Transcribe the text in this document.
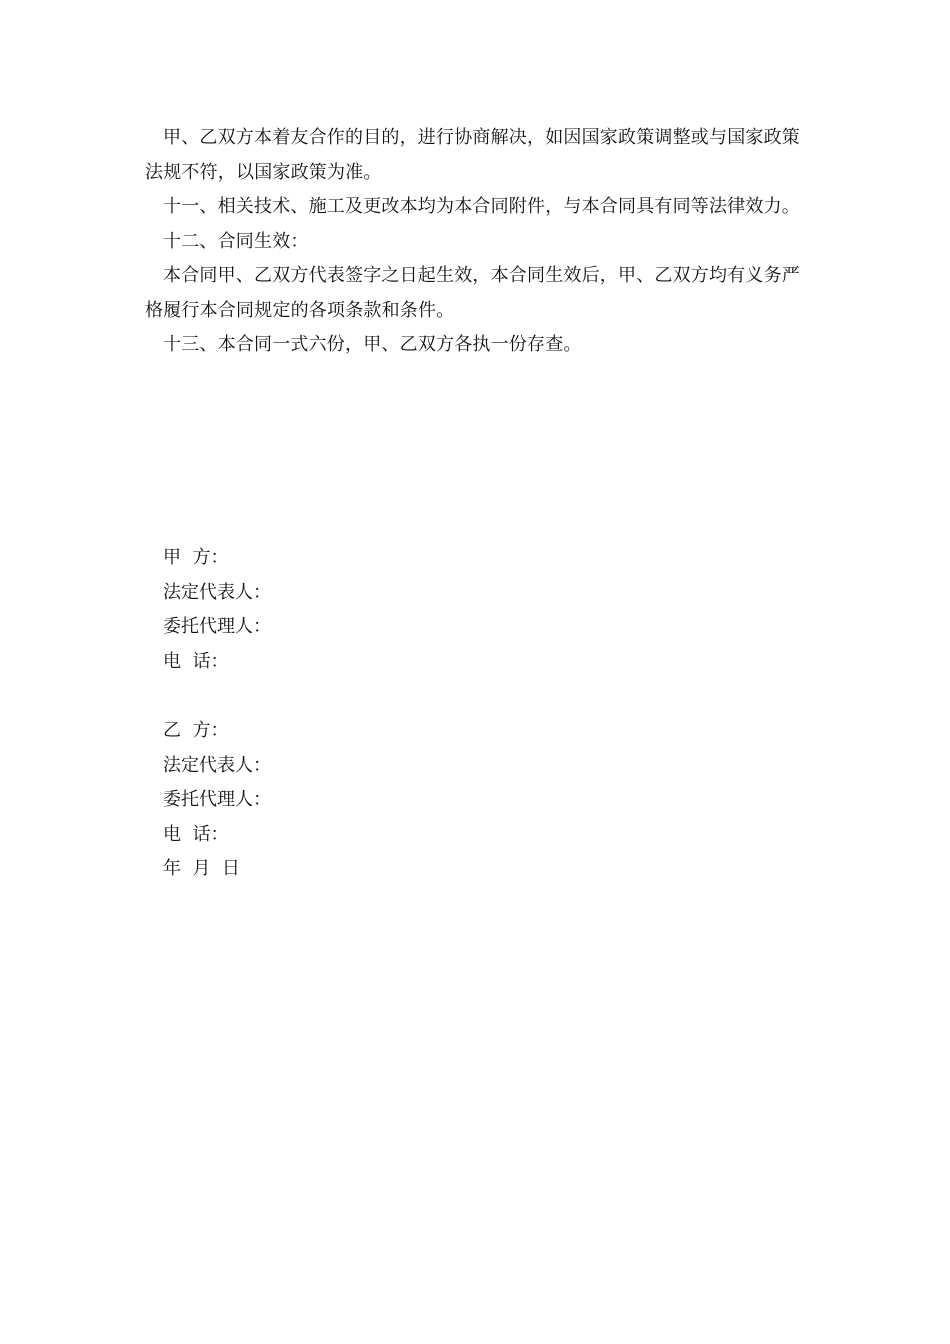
甲、乙双方本着友合作的目的，进行协商解决，如因国家政策调整或与国家政策法规不符，以国家政策为准。

十一、相关技术、施工及更改本均为本合同附件，与本合同具有同等法律效力。

十二、合同生效：

本合同甲、乙双方代表签字之日起生效，本合同生效后，甲、乙双方均有义务严格履行本合同规定的各项条款和条件。

十三、本合同一式六份，甲、乙双方各执一份存查。

甲  方：

法定代表人：

委托代理人：

电  话：

乙  方：

法定代表人：

委托代理人：

电  话：

年  月  日
